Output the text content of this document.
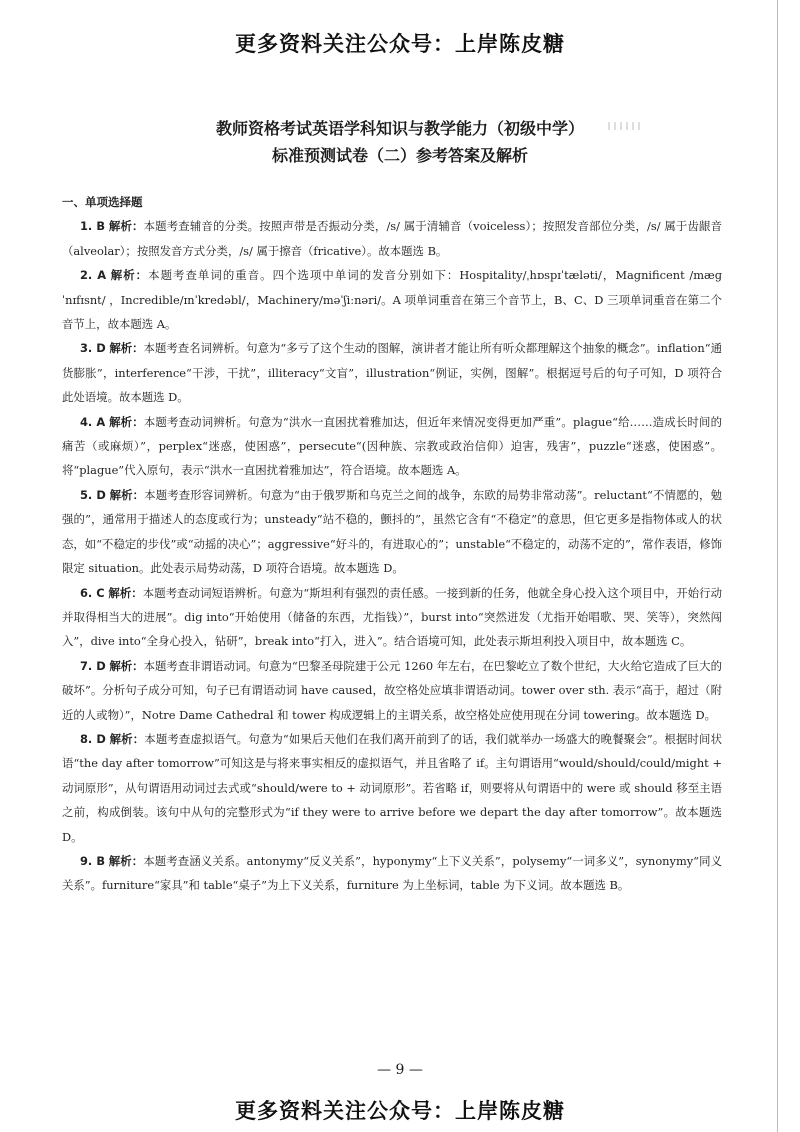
更多资料关注公众号：上岸陈皮糖
教师资格考试英语学科知识与教学能力（初级中学）
标准预测试卷（二）参考答案及解析

一、单项选择题

1. B 解析：本题考查辅音的分类。按照声带是否振动分类，/s/ 属于清辅音（voiceless）；按照发音部位分类，/s/ 属于齿龈音（alveolar）；按照发音方式分类，/s/ 属于擦音（fricative）。故本题选 B。

2. A 解析：本题考查单词的重音。四个选项中单词的发音分别如下：Hospitality/ˌhɒspɪˈtæləti/，Magnificent /mæɡˈnɪfɪsnt/ ，Incredible/ɪnˈkredəbl/，Machinery/məˈʃiːnəri/。A 项单词重音在第三个音节上，B、C、D 三项单词重音在第二个音节上，故本题选 A。

3. D 解析：本题考查名词辨析。句意为“多亏了这个生动的图解，演讲者才能让所有听众都理解这个抽象的概念”。inflation“通货膨胀”，interference“干涉，干扰”，illiteracy“文盲”，illustration“例证，实例，图解”。根据逗号后的句子可知，D 项符合此处语境。故本题选 D。

4. A 解析：本题考查动词辨析。句意为“洪水一直困扰着雅加达，但近年来情况变得更加严重”。plague“给……造成长时间的痛苦（或麻烦）”，perplex“迷惑，使困惑”，persecute“(因种族、宗教或政治信仰）迫害，残害”，puzzle“迷惑，使困惑”。将“plague”代入原句，表示“洪水一直困扰着雅加达”，符合语境。故本题选 A。

5. D 解析：本题考查形容词辨析。句意为“由于俄罗斯和乌克兰之间的战争，东欧的局势非常动荡”。reluctant“不情愿的，勉强的”，通常用于描述人的态度或行为；unsteady“站不稳的，颤抖的”，虽然它含有“不稳定”的意思，但它更多是指物体或人的状态，如“不稳定的步伐”或“动摇的决心”；aggressive“好斗的，有进取心的”；unstable“不稳定的，动荡不定的”，常作表语，修饰限定 situation。此处表示局势动荡，D 项符合语境。故本题选 D。

6. C 解析：本题考查动词短语辨析。句意为“斯坦利有强烈的责任感。一接到新的任务，他就全身心投入这个项目中，开始行动并取得相当大的进展”。dig into“开始使用（储备的东西，尤指钱）”，burst into“突然迸发（尤指开始唱歌、哭、笑等），突然闯入”，dive into“全身心投入，钻研”，break into“打入，进入”。结合语境可知，此处表示斯坦利投入项目中，故本题选 C。

7. D 解析：本题考查非谓语动词。句意为“巴黎圣母院建于公元 1260 年左右，在巴黎屹立了数个世纪，大火给它造成了巨大的破坏”。分析句子成分可知，句子已有谓语动词 have caused，故空格处应填非谓语动词。tower over sth. 表示“高于，超过（附近的人或物）”，Notre Dame Cathedral 和 tower 构成逻辑上的主谓关系，故空格处应使用现在分词 towering。故本题选 D。

8. D 解析：本题考查虚拟语气。句意为“如果后天他们在我们离开前到了的话，我们就举办一场盛大的晚餐聚会”。根据时间状语“the day after tomorrow”可知这是与将来事实相反的虚拟语气，并且省略了 if。主句谓语用“would/should/could/might + 动词原形”，从句谓语用动词过去式或“should/were to + 动词原形”。若省略 if，则要将从句谓语中的 were 或 should 移至主语之前，构成倒装。该句中从句的完整形式为“if they were to arrive before we depart the day after tomorrow”。故本题选 D。

9. B 解析：本题考查涵义关系。antonymy“反义关系”，hyponymy“上下义关系”，polysemy“一词多义”，synonymy“同义关系”。furniture“家具”和 table“桌子”为上下义关系，furniture 为上坐标词，table 为下义词。故本题选 B。

— 9 —
更多资料关注公众号：上岸陈皮糖
